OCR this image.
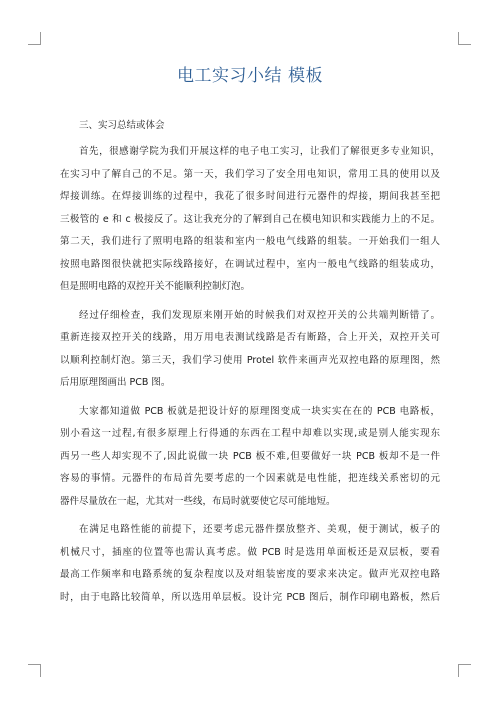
电工实习小结 模板
三、实习总结或体会
首先，很感谢学院为我们开展这样的电子电工实习，让我们了解很更多专业知识，
在实习中了解自己的不足。第一天，我们学习了安全用电知识，常用工具的使用以及
焊接训练。在焊接训练的过程中，我花了很多时间进行元器件的焊接，期间我甚至把
三极管的 e 和 c 极接反了。这让我充分的了解到自己在模电知识和实践能力上的不足。
第二天，我们进行了照明电路的组装和室内一般电气线路的组装。一开始我们一组人
按照电路图很快就把实际线路接好，在调试过程中，室内一般电气线路的组装成功，
但是照明电路的双控开关不能顺利控制灯泡。
经过仔细检查，我们发现原来刚开始的时候我们对双控开关的公共端判断错了。
重新连接双控开关的线路，用万用电表测试线路是否有断路，合上开关，双控开关可
以顺利控制灯泡。第三天，我们学习使用 Protel 软件来画声光双控电路的原理图，然
后用原理图画出 PCB 图。
大家都知道做 PCB 板就是把设计好的原理图变成一块实实在在的 PCB 电路板，
别小看这一过程,有很多原理上行得通的东西在工程中却难以实现,或是别人能实现东
西另一些人却实现不了,因此说做一块 PCB 板不难,但要做好一块 PCB 板却不是一件
容易的事情。元器件的布局首先要考虑的一个因素就是电性能，把连线关系密切的元
器件尽量放在一起，尤其对一些线，布局时就要使它尽可能地短。
在满足电路性能的前提下，还要考虑元器件摆放整齐、美观，便于测试，板子的
机械尺寸，插座的位置等也需认真考虑。做 PCB 时是选用单面板还是双层板，要看
最高工作频率和电路系统的复杂程度以及对组装密度的要求来决定。做声光双控电路
时，由于电路比较简单，所以选用单层板。设计完 PCB 图后，制作印刷电路板，然后
